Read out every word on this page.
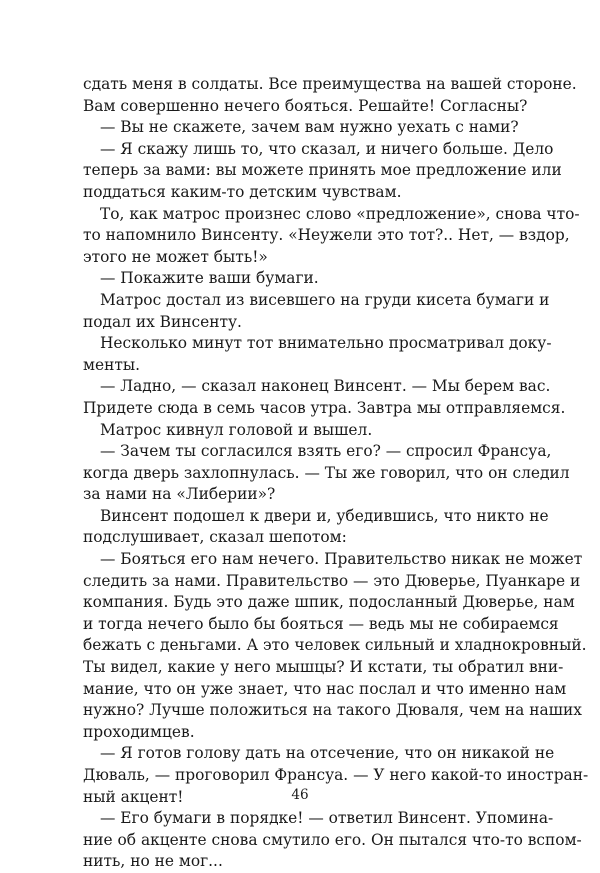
сдать меня в солдаты. Все преимущества на вашей стороне.
Вам совершенно нечего бояться. Решайте! Согласны?
— Вы не скажете, зачем вам нужно уехать с нами?
— Я скажу лишь то, что сказал, и ничего больше. Дело
теперь за вами: вы можете принять мое предложение или
поддаться каким-то детским чувствам.
То, как матрос произнес слово «предложение», снова что-
то напомнило Винсенту. «Неужели это тот?.. Нет, — вздор,
этого не может быть!»
— Покажите ваши бумаги.
Матрос достал из висевшего на груди кисета бумаги и
подал их Винсенту.
Несколько минут тот внимательно просматривал доку-
менты.
— Ладно, — сказал наконец Винсент. — Мы берем вас.
Придете сюда в семь часов утра. Завтра мы отправляемся.
Матрос кивнул головой и вышел.
— Зачем ты согласился взять его? — спросил Франсуа,
когда дверь захлопнулась. — Ты же говорил, что он следил
за нами на «Либерии»?
Винсент подошел к двери и, убедившись, что никто не
подслушивает, сказал шепотом:
— Бояться его нам нечего. Правительство никак не может
следить за нами. Правительство — это Дюверье, Пуанкаре и
компания. Будь это даже шпик, подосланный Дюверье, нам
и тогда нечего было бы бояться — ведь мы не собираемся
бежать с деньгами. А это человек сильный и хладнокровный.
Ты видел, какие у него мышцы? И кстати, ты обратил вни-
мание, что он уже знает, что нас послал и что именно нам
нужно? Лучше положиться на такого Дюваля, чем на наших
проходимцев.
— Я готов голову дать на отсечение, что он никакой не
Дюваль, — проговорил Франсуа. — У него какой-то иностран-
ный акцент!
— Его бумаги в порядке! — ответил Винсент. Упомина-
ние об акценте снова смутило его. Он пытался что-то вспом-
нить, но не мог...
46
